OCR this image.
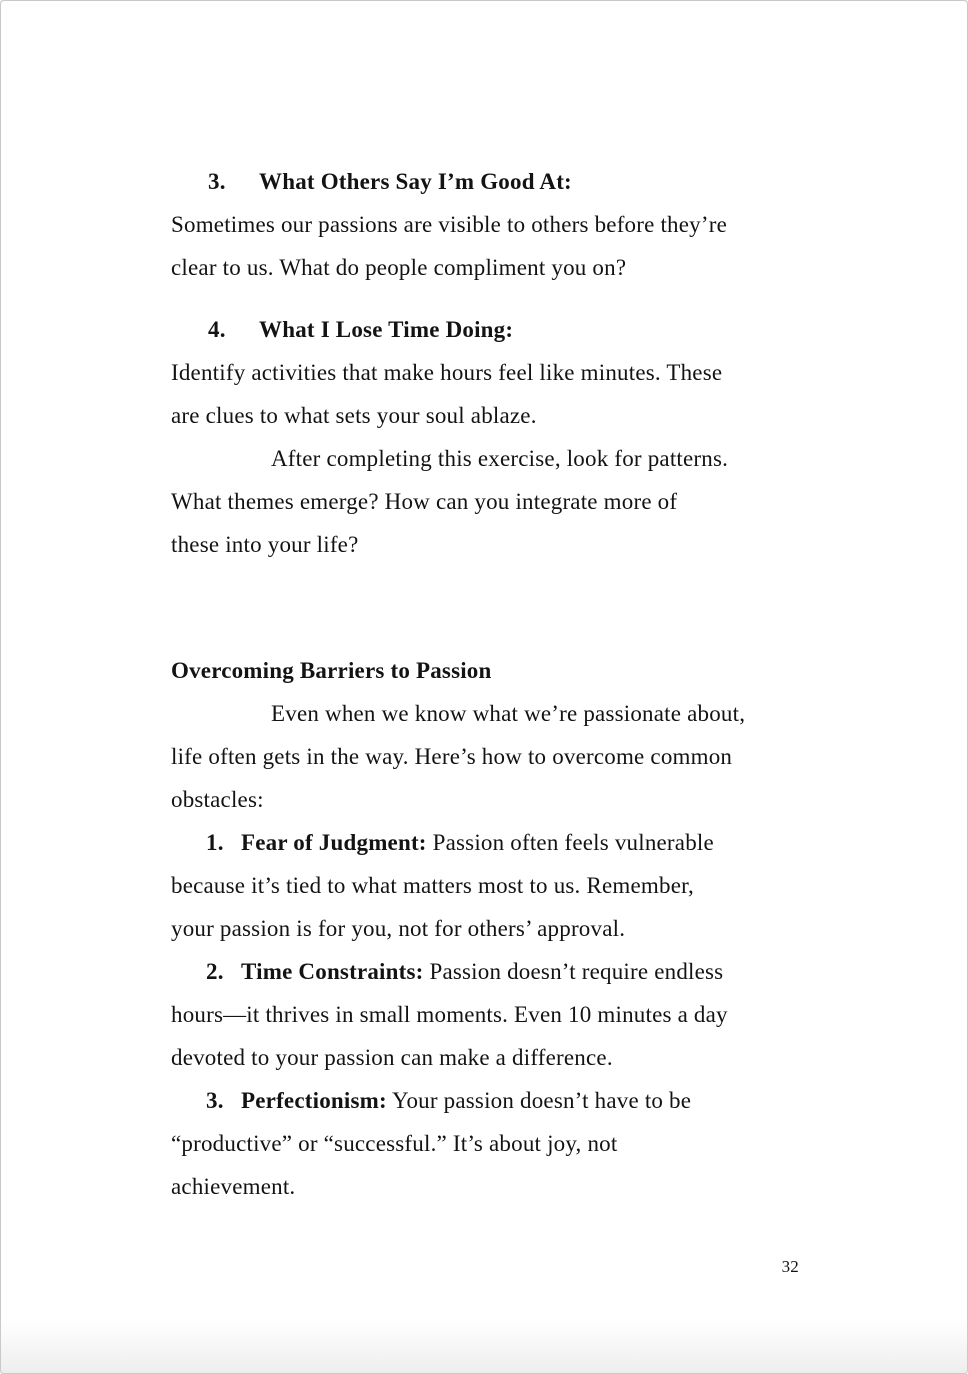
3. What Others Say I’m Good At:
Sometimes our passions are visible to others before they’re
clear to us. What do people compliment you on?
4. What I Lose Time Doing:
Identify activities that make hours feel like minutes. These
are clues to what sets your soul ablaze.
After completing this exercise, look for patterns.
What themes emerge? How can you integrate more of
these into your life?
Overcoming Barriers to Passion
Even when we know what we’re passionate about,
life often gets in the way. Here’s how to overcome common
obstacles:
1. Fear of Judgment: Passion often feels vulnerable
because it’s tied to what matters most to us. Remember,
your passion is for you, not for others’ approval.
2. Time Constraints: Passion doesn’t require endless
hours—it thrives in small moments. Even 10 minutes a day
devoted to your passion can make a difference.
3. Perfectionism: Your passion doesn’t have to be
“productive” or “successful.” It’s about joy, not
achievement.
32
